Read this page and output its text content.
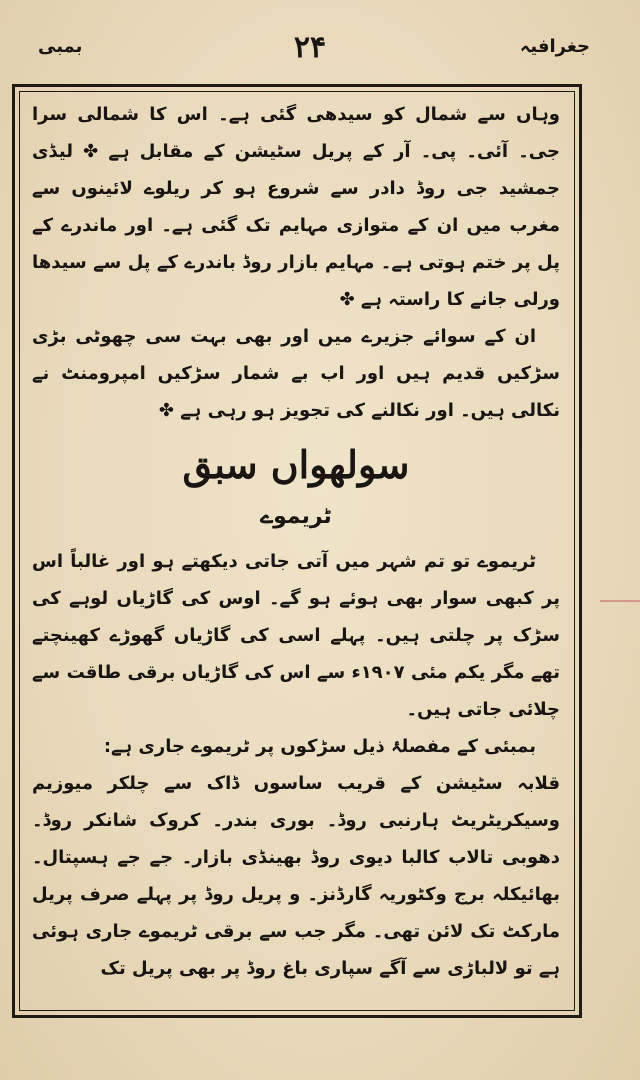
بمبی	۲۴	جغرافیہ

وہاں سے شمال کو سیدھی گئی ہے۔ اس کا شمالی سرا جی۔ آئی۔ پی۔ آر کے پریل سٹیشن کے مقابل ہے ✤ لیڈی جمشید جی روڈ دادر سے شروع ہو کر ریلوے لائینوں سے مغرب میں ان کے متوازی مہایم تک گئی ہے۔ اور ماندرے کے پل پر ختم ہوتی ہے۔ مہایم بازار روڈ باندرے کے پل سے سیدھا ورلی جانے کا راستہ ہے ✤

ان کے سوائے جزیرے میں اور بھی بہت سی چھوٹی بڑی سڑکیں قدیم ہیں اور اب بے شمار سڑکیں امپرومنٹ نے نکالی ہیں۔ اور نکالنے کی تجویز ہو رہی ہے ✤

سولھواں سبق
ٹریموے

ٹریموے تو تم شہر میں آتی جاتی دیکھتے ہو اور غالباً اس پر کبھی سوار بھی ہوئے ہو گے۔ اوس کی گاڑیاں لوہے کی سڑک پر چلتی ہیں۔ پہلے اسی کی گاڑیاں گھوڑے کھینچتے تھے مگر یکم مئی ۱۹۰۷ء سے اس کی گاڑیاں برقی طاقت سے چلائی جاتی ہیں۔

بمبئی کے مفصلۂ ذیل سڑکوں پر ٹریموے جاری ہے:

قلابہ سٹیشن کے قریب ساسوں ڈاک سے چلکر میوزیم وسیکریٹریٹ ہارنبی روڈ۔ بوری بندر۔ کروک شانکر روڈ۔ دھوبی تالاب کالبا دیوی روڈ بھینڈی بازار۔ جے جے ہسپتال۔ بھائیکلہ برج وکٹوریہ گارڈنز۔ و پریل روڈ پر پہلے صرف پریل مارکٹ تک لائن تھی۔ مگر جب سے برقی ٹریموے جاری ہوئی ہے تو لالباڑی سے آگے سپاری باغ روڈ پر بھی پریل تک
